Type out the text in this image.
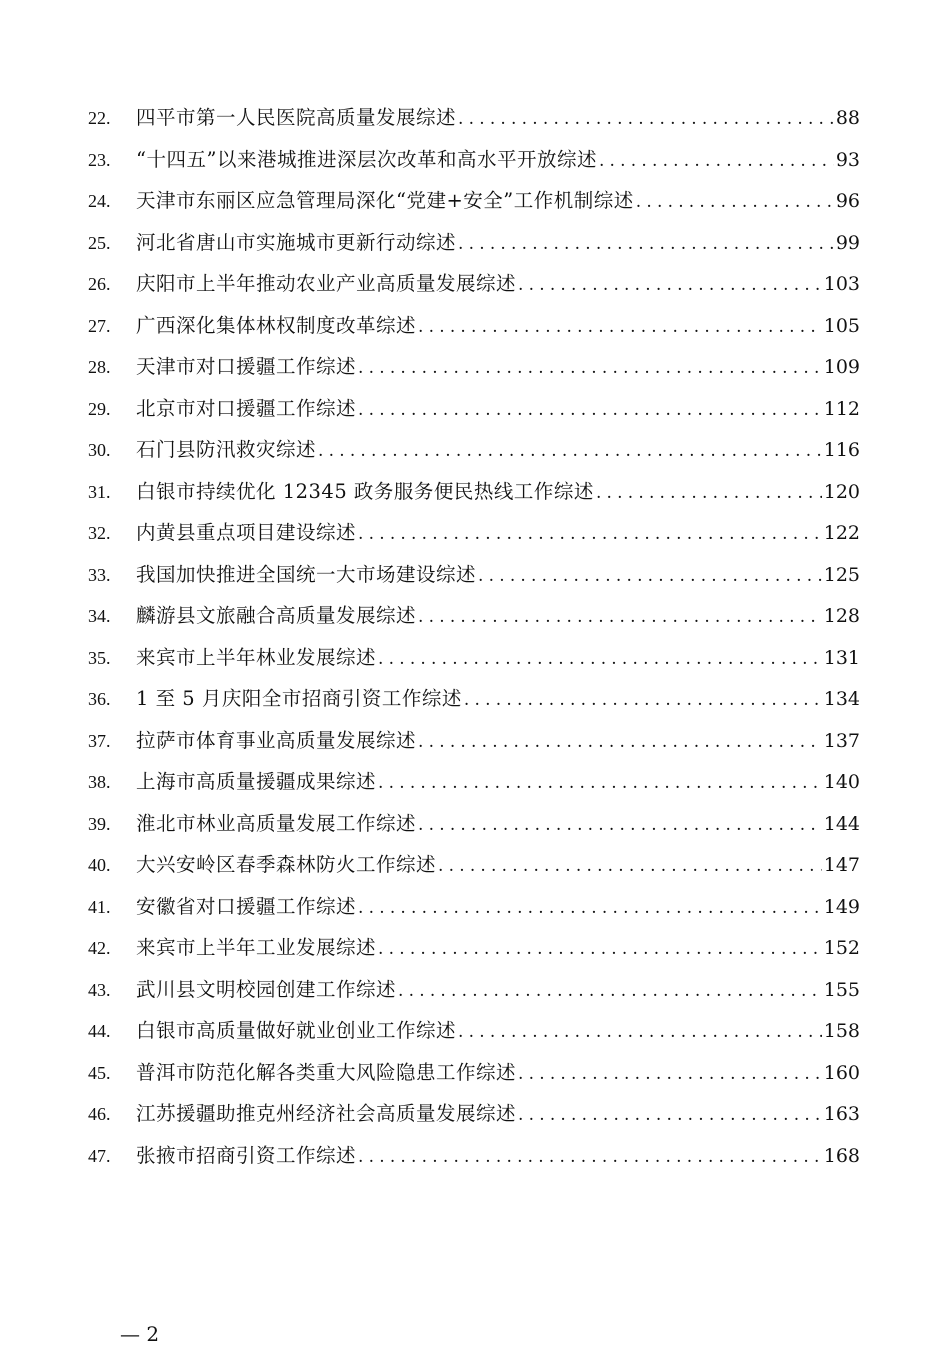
22.	四平市第一人民医院高质量发展综述 .....	88
23.	“十四五”以来港城推进深层次改革和高水平开放综述 .....	93
24.	天津市东丽区应急管理局深化“党建+安全”工作机制综述 .....	96
25.	河北省唐山市实施城市更新行动综述 .....	99
26.	庆阳市上半年推动农业产业高质量发展综述 .....	103
27.	广西深化集体林权制度改革综述 .....	105
28.	天津市对口援疆工作综述 .....	109
29.	北京市对口援疆工作综述 .....	112
30.	石门县防汛救灾综述 .....	116
31.	白银市持续优化 12345 政务服务便民热线工作综述 .....	120
32.	内黄县重点项目建设综述 .....	122
33.	我国加快推进全国统一大市场建设综述 .....	125
34.	麟游县文旅融合高质量发展综述 .....	128
35.	来宾市上半年林业发展综述 .....	131
36.	1 至 5 月庆阳全市招商引资工作综述 .....	134
37.	拉萨市体育事业高质量发展综述 .....	137
38.	上海市高质量援疆成果综述 .....	140
39.	淮北市林业高质量发展工作综述 .....	144
40.	大兴安岭区春季森林防火工作综述 .....	147
41.	安徽省对口援疆工作综述 .....	149
42.	来宾市上半年工业发展综述 .....	152
43.	武川县文明校园创建工作综述 .....	155
44.	白银市高质量做好就业创业工作综述 .....	158
45.	普洱市防范化解各类重大风险隐患工作综述 .....	160
46.	江苏援疆助推克州经济社会高质量发展综述 .....	163
47.	张掖市招商引资工作综述 .....	168
— 2
